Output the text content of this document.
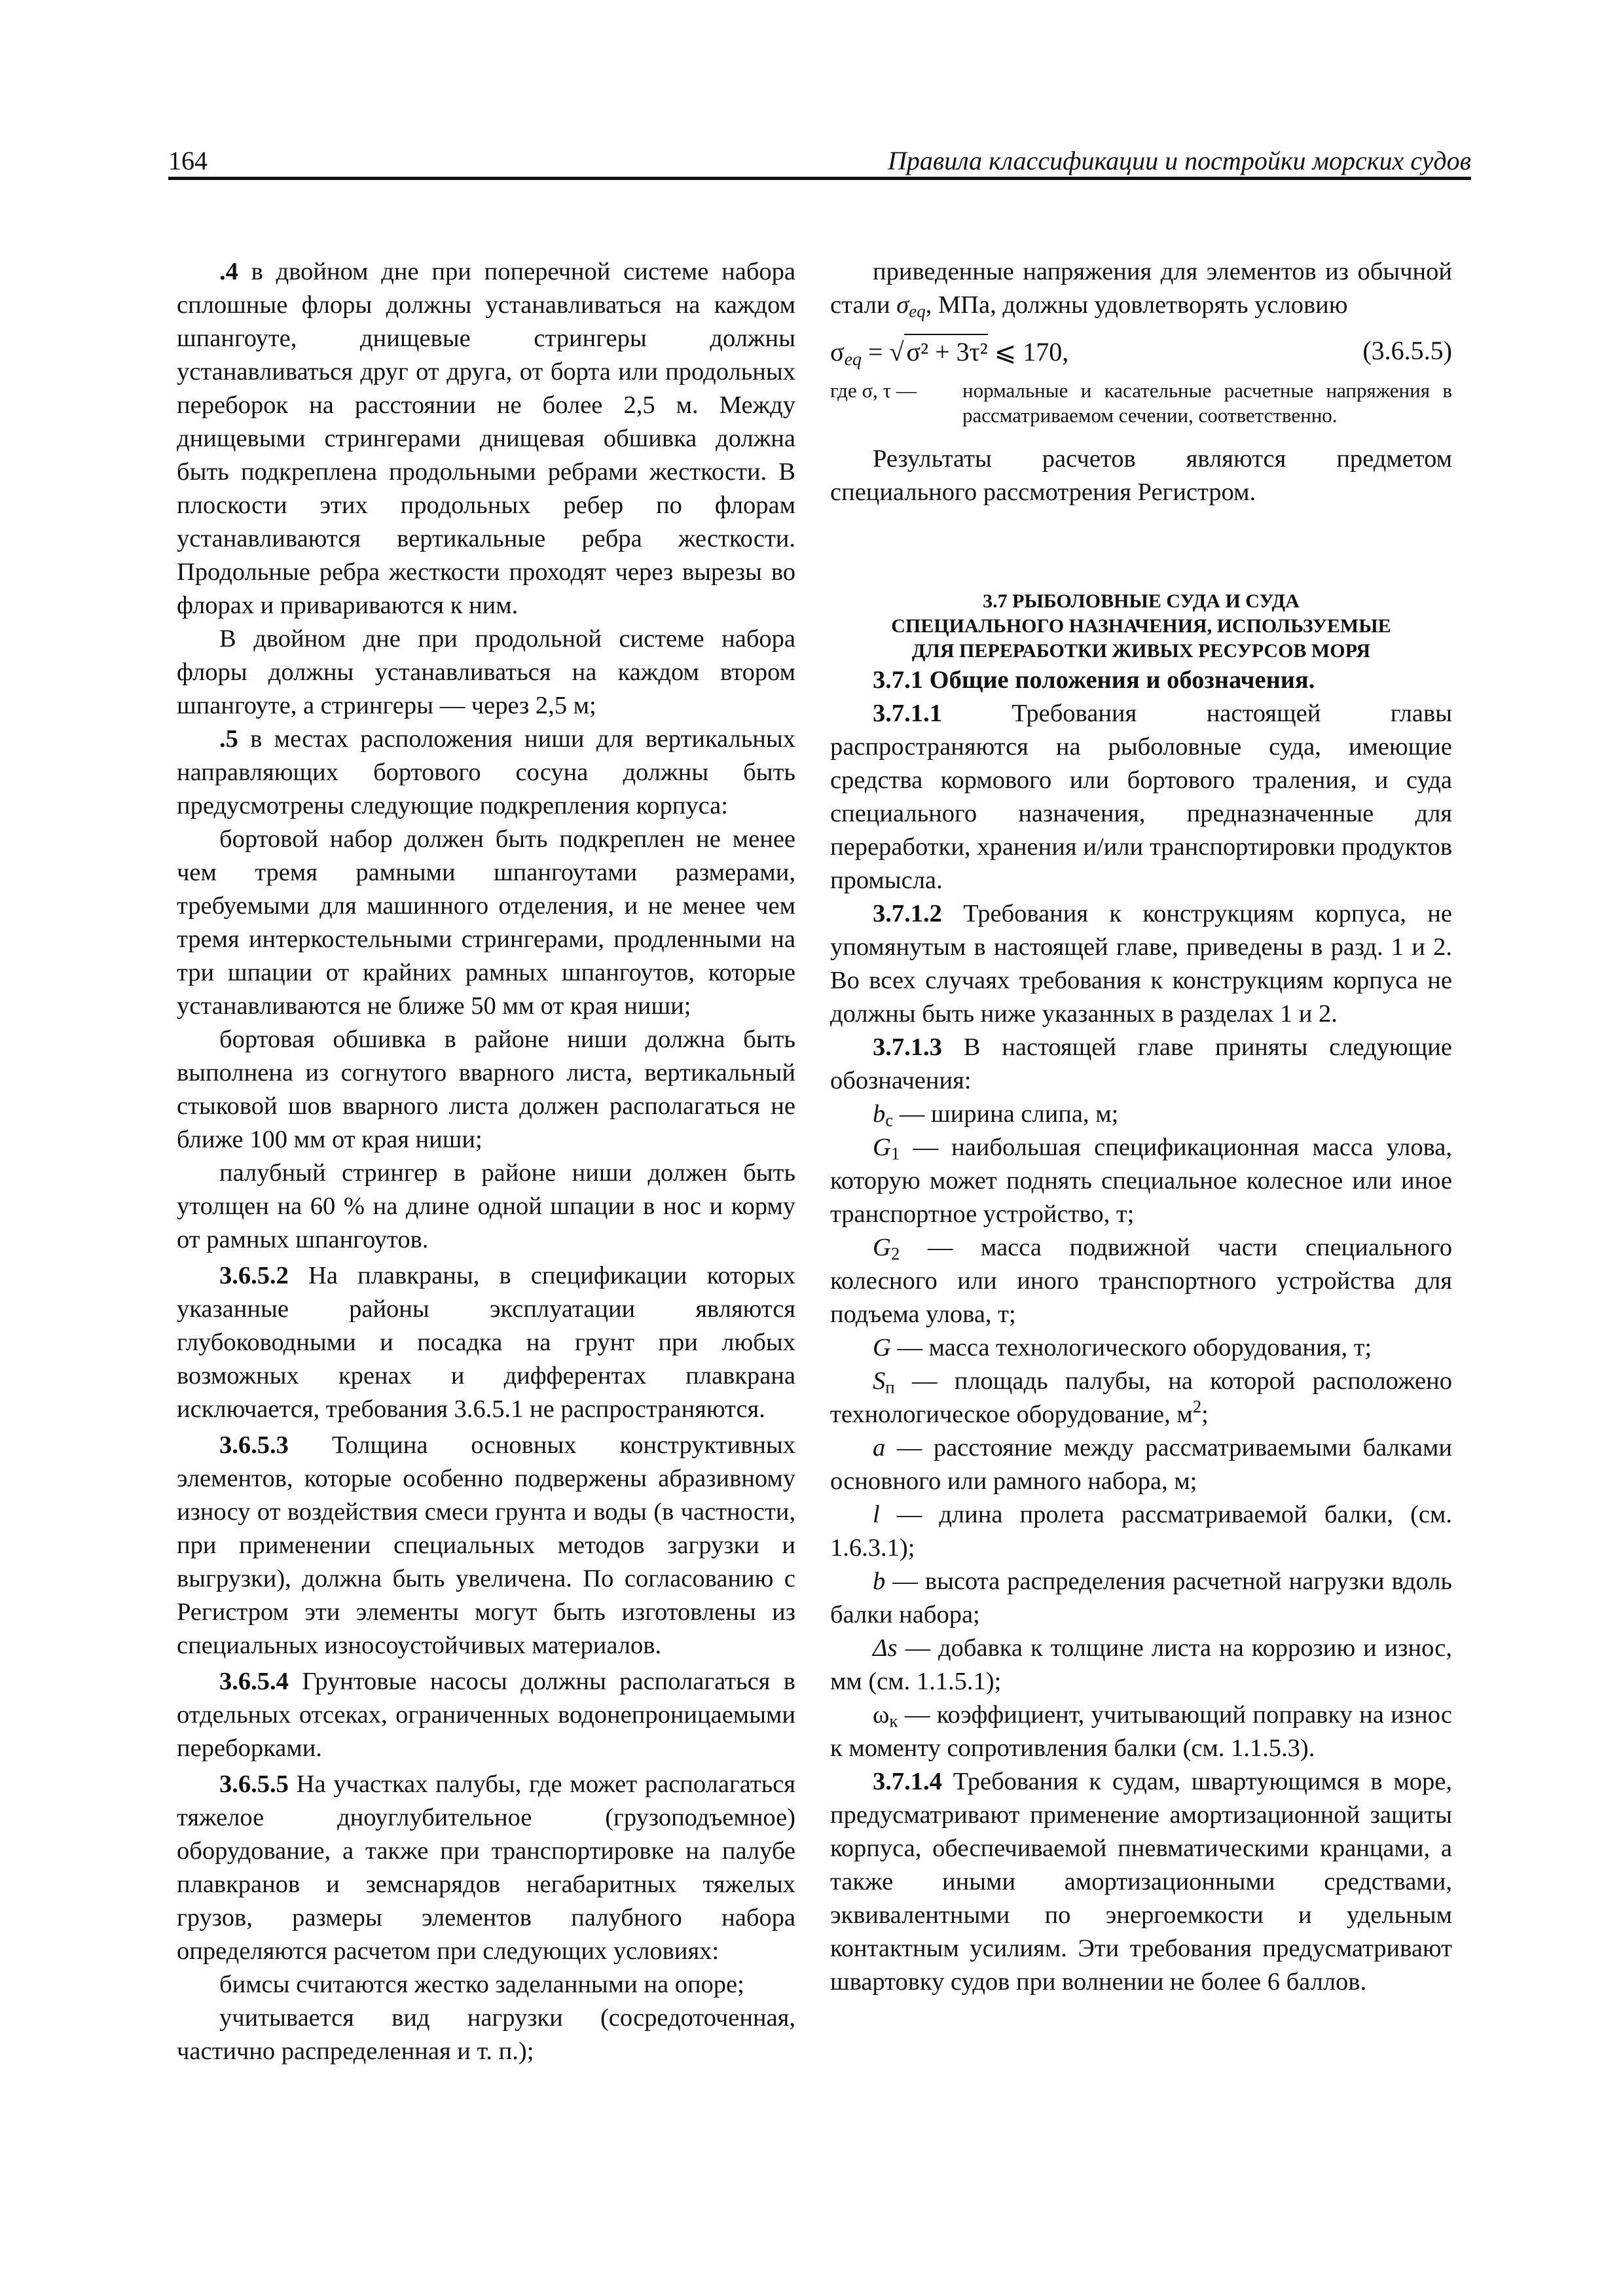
164	Правила классификации и постройки морских судов

.4 в двойном дне при поперечной системе набора сплошные флоры должны устанавливаться на каждом шпангоуте, днищевые стрингеры должны устанавливаться друг от друга, от борта или продольных переборок на расстоянии не более 2,5 м. Между днищевыми стрингерами днищевая обшивка должна быть подкреплена продольными ребрами жесткости. В плоскости этих продольных ребер по флорам устанавливаются вертикальные ребра жесткости. Продольные ребра жесткости проходят через вырезы во флорах и привариваются к ним.

В двойном дне при продольной системе набора флоры должны устанавливаться на каждом втором шпангоуте, а стрингеры — через 2,5 м;

.5 в местах расположения ниши для вертикальных направляющих бортового сосуна должны быть предусмотрены следующие подкрепления корпуса:

бортовой набор должен быть подкреплен не менее чем тремя рамными шпангоутами размерами, требуемыми для машинного отделения, и не менее чем тремя интеркостельными стрингерами, продленными на три шпации от крайних рамных шпангоутов, которые устанавливаются не ближе 50 мм от края ниши;

бортовая обшивка в районе ниши должна быть выполнена из согнутого вварного листа, вертикальный стыковой шов вварного листа должен располагаться не ближе 100 мм от края ниши;

палубный стрингер в районе ниши должен быть утолщен на 60 % на длине одной шпации в нос и корму от рамных шпангоутов.

3.6.5.2 На плавкраны, в спецификации которых указанные районы эксплуатации являются глубоководными и посадка на грунт при любых возможных кренах и дифферентах плавкрана исключается, требования 3.6.5.1 не распространяются.

3.6.5.3 Толщина основных конструктивных элементов, которые особенно подвержены абразивному износу от воздействия смеси грунта и воды (в частности, при применении специальных методов загрузки и выгрузки), должна быть увеличена. По согласованию с Регистром эти элементы могут быть изготовлены из специальных износоустойчивых материалов.

3.6.5.4 Грунтовые насосы должны располагаться в отдельных отсеках, ограниченных водонепроницаемыми переборками.

3.6.5.5 На участках палубы, где может располагаться тяжелое дноуглубительное (грузоподъемное) оборудование, а также при транспортировке на палубе плавкранов и земснарядов негабаритных тяжелых грузов, размеры элементов палубного набора определяются расчетом при следующих условиях:

бимсы считаются жестко заделанными на опоре;

учитывается вид нагрузки (сосредоточенная, частично распределенная и т. п.);

приведенные напряжения для элементов из обычной стали $\sigma_{eq}$, МПа, должны удовлетворять условию

$\sigma_{eq}$ = √ σ² + 3τ² ⩽ 170,	(3.6.5.5)
где σ, τ — нормальные и касательные расчетные напряжения в рассматриваемом сечении, соответственно.

Результаты расчетов являются предметом специального рассмотрения Регистром.

3.7 РЫБОЛОВНЫЕ СУДА И СУДА
СПЕЦИАЛЬНОГО НАЗНАЧЕНИЯ, ИСПОЛЬЗУЕМЫЕ
ДЛЯ ПЕРЕРАБОТКИ ЖИВЫХ РЕСУРСОВ МОРЯ

3.7.1 Общие положения и обозначения.

3.7.1.1 Требования настоящей главы распространяются на рыболовные суда, имеющие средства кормового или бортового траления, и суда специального назначения, предназначенные для переработки, хранения и/или транспортировки продуктов промысла.

3.7.1.2 Требования к конструкциям корпуса, не упомянутым в настоящей главе, приведены в разд. 1 и 2. Во всех случаях требования к конструкциям корпуса не должны быть ниже указанных в разделах 1 и 2.

3.7.1.3 В настоящей главе приняты следующие обозначения:

$b_c$ — ширина слипа, м;

$G_1$ — наибольшая спецификационная масса улова, которую может поднять специальное колесное или иное транспортное устройство, т;

$G_2$ — масса подвижной части специального колесного или иного транспортного устройства для подъема улова, т;

G — масса технологического оборудования, т;

$S_п$ — площадь палубы, на которой расположено технологическое оборудование, $м^2$;

a — расстояние между рассматриваемыми балками основного или рамного набора, м;

l — длина пролета рассматриваемой балки, (см. 1.6.3.1);

b — высота распределения расчетной нагрузки вдоль балки набора;

Δs — добавка к толщине листа на коррозию и износ, мм (см. 1.1.5.1);

$\omega_к$ — коэффициент, учитывающий поправку на износ к моменту сопротивления балки (см. 1.1.5.3).

3.7.1.4 Требования к судам, швартующимся в море, предусматривают применение амортизационной защиты корпуса, обеспечиваемой пневматическими кранцами, а также иными амортизационными средствами, эквивалентными по энергоемкости и удельным контактным усилиям. Эти требования предусматривают швартовку судов при волнении не более 6 баллов.
